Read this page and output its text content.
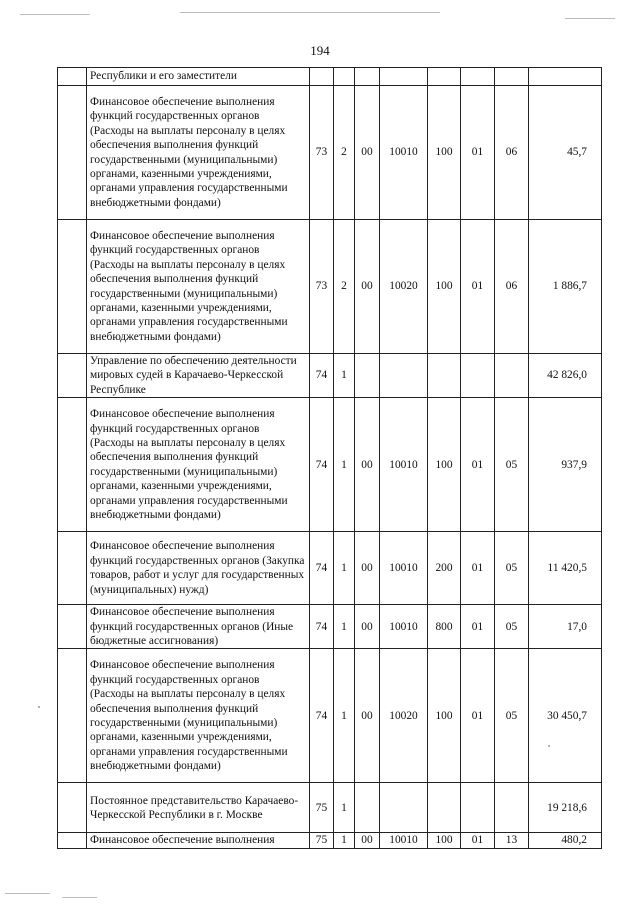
194
	Республики и его заместители								
	Финансовое обеспечение выполнения функций государственных органов (Расходы на выплаты персоналу в целях обеспечения выполнения функций государственными (муниципальными) органами, казенными учреждениями, органами управления государственными внебюджетными фондами)	73	2	00	10010	100	01	06	45,7
	Финансовое обеспечение выполнения функций государственных органов (Расходы на выплаты персоналу в целях обеспечения выполнения функций государственными (муниципальными) органами, казенными учреждениями, органами управления государственными внебюджетными фондами)	73	2	00	10020	100	01	06	1 886,7
	Управление по обеспечению деятельности мировых судей в Карачаево-Черкесской Республике	74	1						42 826,0
	Финансовое обеспечение выполнения функций государственных органов (Расходы на выплаты персоналу в целях обеспечения выполнения функций государственными (муниципальными) органами, казенными учреждениями, органами управления государственными внебюджетными фондами)	74	1	00	10010	100	01	05	937,9
	Финансовое обеспечение выполнения функций государственных органов (Закупка товаров, работ и услуг для государственных (муниципальных) нужд)	74	1	00	10010	200	01	05	11 420,5
	Финансовое обеспечение выполнения функций государственных органов (Иные бюджетные ассигнования)	74	1	00	10010	800	01	05	17,0
	Финансовое обеспечение выполнения функций государственных органов (Расходы на выплаты персоналу в целях обеспечения выполнения функций государственными (муниципальными) органами, казенными учреждениями, органами управления государственными внебюджетными фондами)	74	1	00	10020	100	01	05	30 450,7
	Постоянное представительство Карачаево-Черкесской Республики в г. Москве	75	1						19 218,6
	Финансовое обеспечение выполнения	75	1	00	10010	100	01	13	480,2
